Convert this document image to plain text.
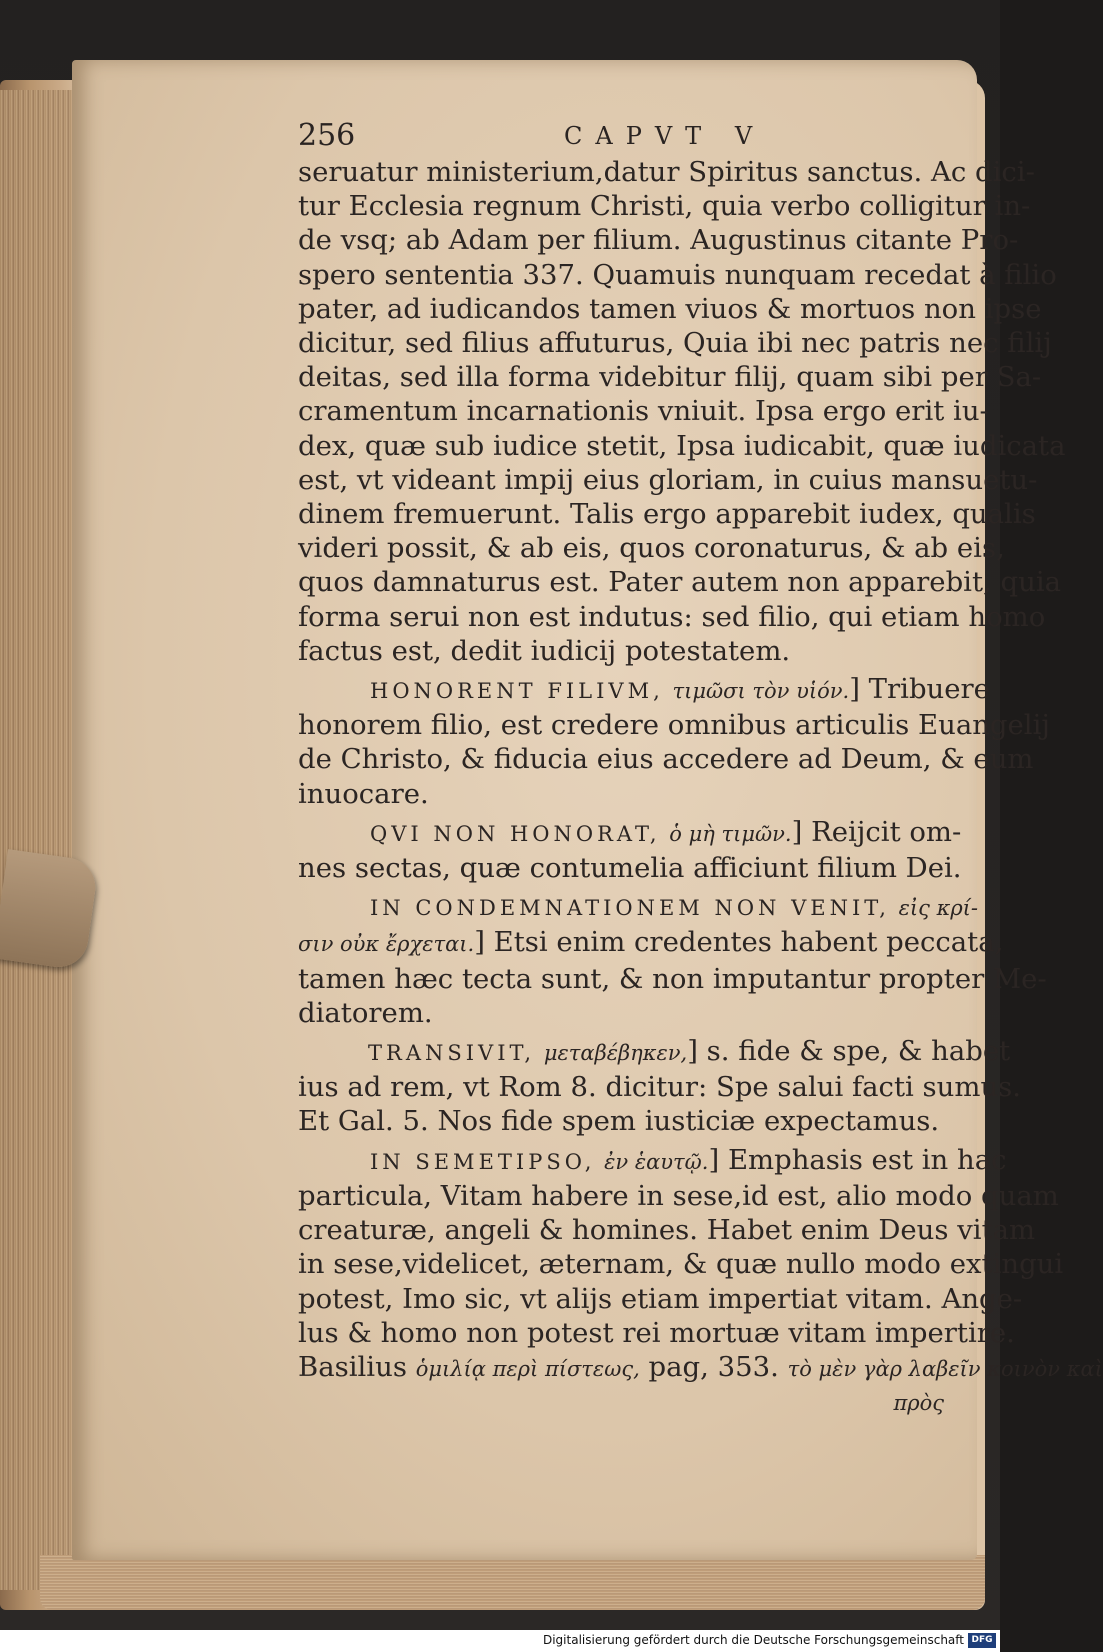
256	CAPVT V
seruatur ministerium,datur Spiritus sanctus. Ac dici-
tur Ecclesia regnum Christi, quia verbo colligitur in-
de vsq; ab Adam per filium. Augustinus citante Pro-
spero sententia 337. Quamuis nunquam recedat à filio
pater, ad iudicandos tamen viuos & mortuos non ipse
dicitur, sed filius affuturus, Quia ibi nec patris nec filij
deitas, sed illa forma videbitur filij, quam sibi per Sa-
cramentum incarnationis vniuit. Ipsa ergo erit iu-
dex, quæ sub iudice stetit, Ipsa iudicabit, quæ iudicata
est, vt videant impij eius gloriam, in cuius mansuetu-
dinem fremuerunt. Talis ergo apparebit iudex, qualis
videri possit, & ab eis, quos coronaturus, & ab eis,
quos damnaturus est. Pater autem non apparebit, quia
forma serui non est indutus: sed filio, qui etiam homo
factus est, dedit iudicij potestatem.
HONORENT FILIVM, τιμῶσι τὸν υἱόν.] Tribuere
honorem filio, est credere omnibus articulis Euangelij
de Christo, & fiducia eius accedere ad Deum, & eum
inuocare.
QVI NON HONORAT, ὁ μὴ τιμῶν.] Reijcit om-
nes sectas, quæ contumelia afficiunt filium Dei.
IN CONDEMNATIONEM NON VENIT, εἰς κρί-
σιν οὐκ ἔρχεται.] Etsi enim credentes habent peccata,
tamen hæc tecta sunt, & non imputantur propter Me-
diatorem.
TRANSIVIT, μεταβέβηκεν,] s. fide & spe, & habet
ius ad rem, vt Rom 8. dicitur: Spe salui facti sumus.
Et Gal. 5. Nos fide spem iusticiæ expectamus.
IN SEMETIPSO, ἐν ἑαυτῷ.] Emphasis est in hac
particula, Vitam habere in sese,id est, alio modo quam
creaturæ, angeli & homines. Habet enim Deus vitam
in sese,videlicet, æternam, & quæ nullo modo extingui
potest, Imo sic, vt alijs etiam impertiat vitam. Ange-
lus & homo non potest rei mortuæ vitam impertire.
Basilius ὁμιλίᾳ περὶ πίστεως, pag, 353. τὸ μὲν γὰρ λαβεῖν κοινὸν καὶ
πρὸς
Digitalisierung gefördert durch die Deutsche Forschungsgemeinschaft DFG
